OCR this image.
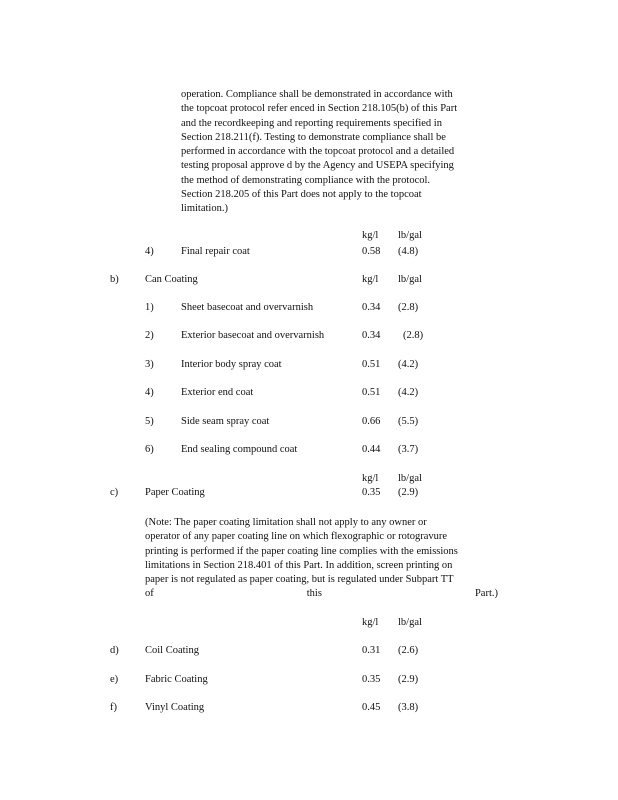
operation. Compliance shall be demonstrated in accordance with
the topcoat protocol refer enced in Section 218.105(b) of this Part
and the recordkeeping and reporting requirements specified in
Section 218.211(f). Testing to demonstrate compliance shall be
performed in accordance with the topcoat protocol and a detailed
testing proposal approve d by the Agency and USEPA specifying
the method of demonstrating compliance with the protocol.
Section 218.205 of this Part does not apply to the topcoat
limitation.)
kg/l lb/gal
4)	Final repair coat	0.58 (4.8)
b)	Can Coating	kg/l lb/gal
1)	Sheet basecoat and overvarnish	0.34 (2.8)
2)	Exterior basecoat and overvarnish	0.34 (2.8)
3)	Interior body spray coat	0.51 (4.2)
4)	Exterior end coat	0.51 (4.2)
5)	Side seam spray coat	0.66 (5.5)
6)	End sealing compound coat	0.44 (3.7)
kg/l lb/gal
c)	Paper Coating	0.35 (2.9)
(Note: The paper coating limitation shall not apply to any owner or
operator of any paper coating line on which flexographic or rotogravure
printing is performed if the paper coating line complies with the emissions
limitations in Section 218.401 of this Part. In addition, screen printing on
paper is not regulated as paper coating, but is regulated under Subpart TT
of this Part.)
kg/l lb/gal
d)	Coil Coating	0.31 (2.6)
e)	Fabric Coating	0.35 (2.9)
f)	Vinyl Coating	0.45 (3.8)
